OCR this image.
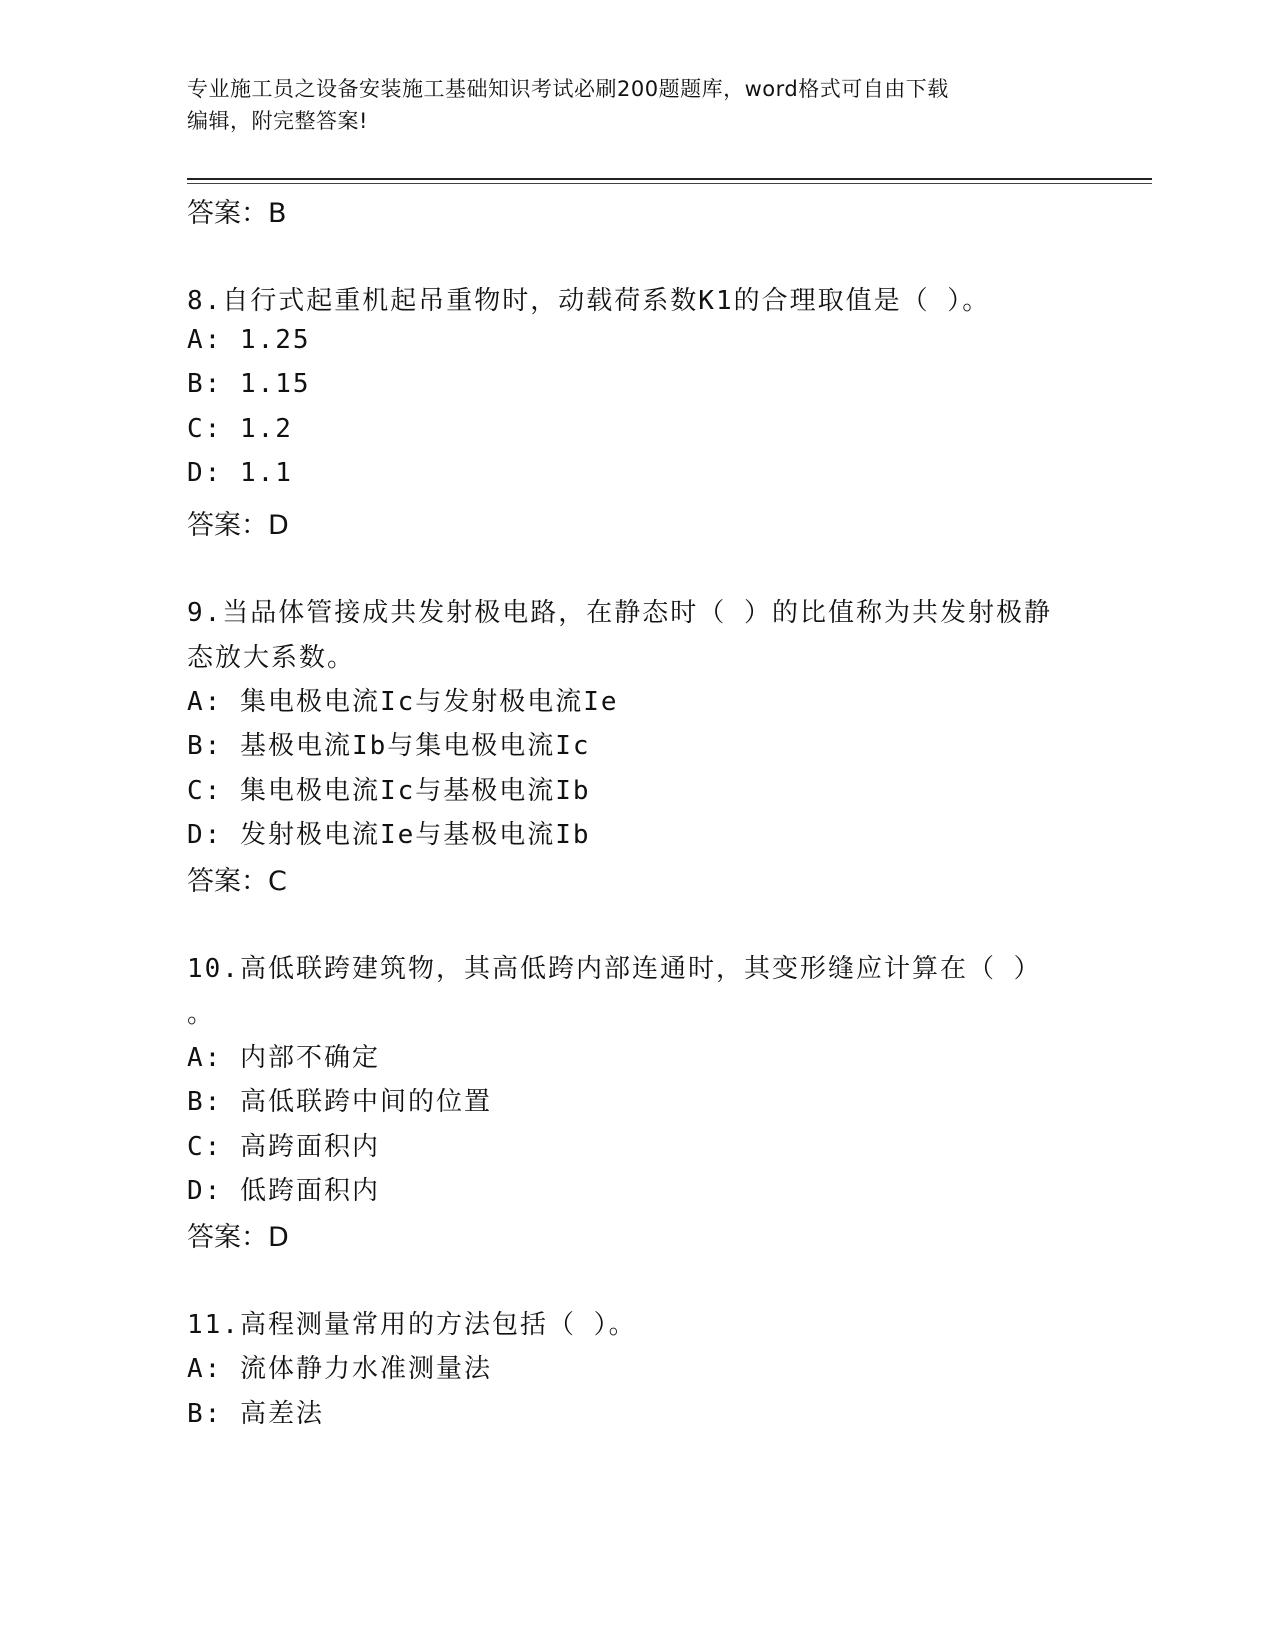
专业施工员之设备安装施工基础知识考试必刷200题题库，word格式可自由下载
编辑，附完整答案!
答案：B
8.自行式起重机起吊重物时，动载荷系数K1的合理取值是（ ）。
A: 1.25
B: 1.15
C: 1.2
D: 1.1
答案：D
9.当品体管接成共发射极电路，在静态时（ ）的比值称为共发射极静
态放大系数。
A: 集电极电流Ic与发射极电流Ie
B: 基极电流Ib与集电极电流Ic
C: 集电极电流Ic与基极电流Ib
D: 发射极电流Ie与基极电流Ib
答案：C
10.高低联跨建筑物，其高低跨内部连通时，其变形缝应计算在（ ）
。
A: 内部不确定
B: 高低联跨中间的位置
C: 高跨面积内
D: 低跨面积内
答案：D
11.高程测量常用的方法包括（ ）。
A: 流体静力水准测量法
B: 高差法
